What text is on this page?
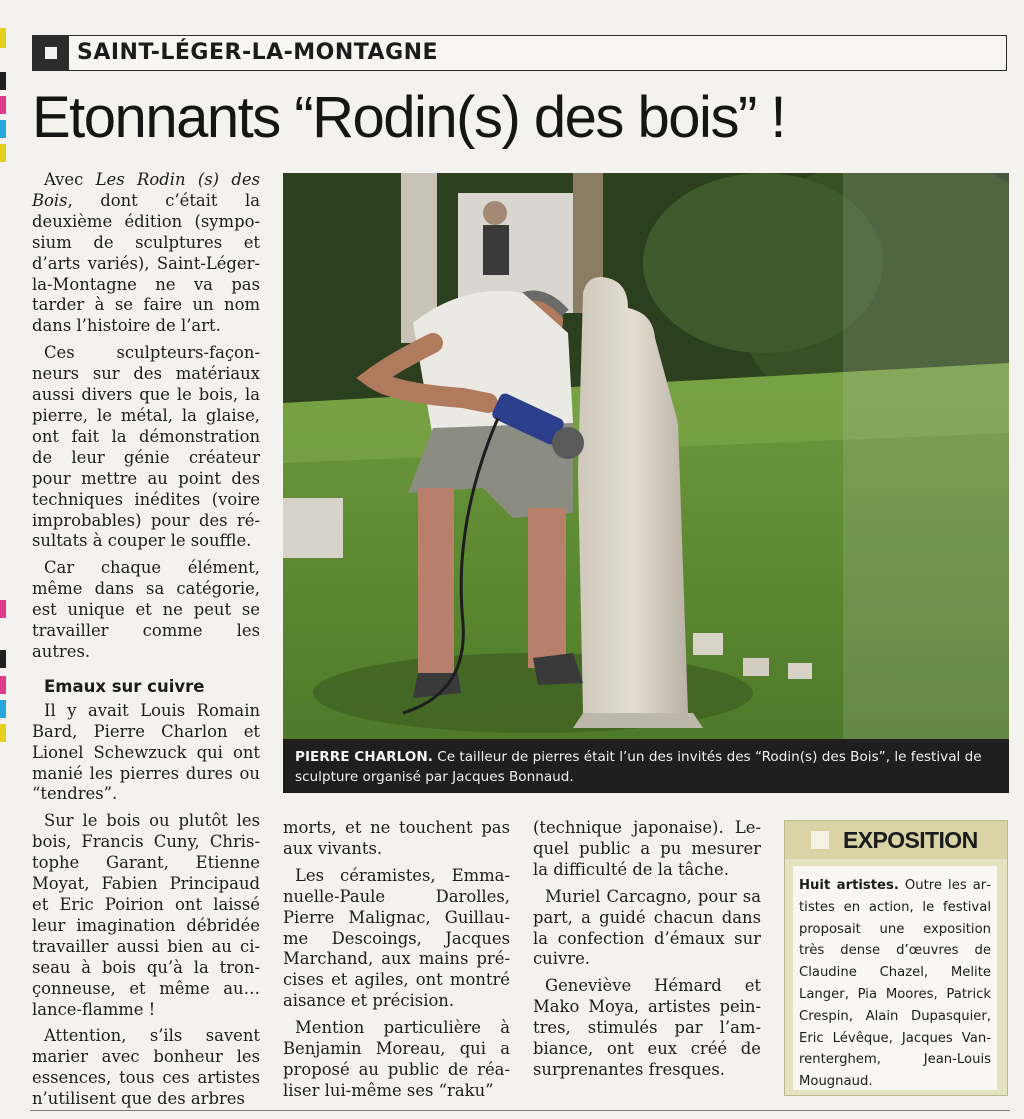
SAINT-LÉGER-LA-MONTAGNE
Etonnants “Rodin(s) des bois” !

Avec Les Rodin (s) des Bois, dont c’était la deuxième édition (symposium de sculptures et d’arts variés), Saint-Léger-la-Montagne ne va pas tarder à se faire un nom dans l’histoire de l’art.

Ces sculpteurs-façonneurs sur des matériaux aussi divers que le bois, la pierre, le métal, la glaise, ont fait la démonstration de leur génie créateur pour mettre au point des techniques inédites (voire improbables) pour des résultats à couper le souffle.

Car chaque élément, même dans sa catégorie, est unique et ne peut se travailler comme les autres.

Emaux sur cuivre

Il y avait Louis Romain Bard, Pierre Charlon et Lionel Schewzuck qui ont manié les pierres dures ou “tendres”.

Sur le bois ou plutôt les bois, Francis Cuny, Christophe Garant, Etienne Moyat, Fabien Principaud et Eric Poirion ont laissé leur imagination débridée travailler aussi bien au ciseau à bois qu’à la tronçonneuse, et même au… lance-flamme !

Attention, s’ils savent marier avec bonheur les essences, tous ces artistes n’utilisent que des arbres

PIERRE CHARLON. Ce tailleur de pierres était l’un des invités des “Rodin(s) des Bois”, le festival de sculpture organisé par Jacques Bonnaud.

morts, et ne touchent pas aux vivants.

Les céramistes, Emmanuelle-Paule Darolles, Pierre Malignac, Guillaume Descoings, Jacques Marchand, aux mains précises et agiles, ont montré aisance et précision.

Mention particulière à Benjamin Moreau, qui a proposé au public de réaliser lui-même ses “raku”

(technique japonaise). Lequel public a pu mesurer la difficulté de la tâche.

Muriel Carcagno, pour sa part, a guidé chacun dans la confection d’émaux sur cuivre.

Geneviève Hémard et Mako Moya, artistes peintres, stimulés par l’ambiance, ont eux créé de surprenantes fresques.

EXPOSITION
Huit artistes. Outre les artistes en action, le festival proposait une exposition très dense d’œuvres de Claudine Chazel, Melite Langer, Pia Moores, Patrick Crespin, Alain Dupasquier, Eric Lévêque, Jacques Vanrenterghem, Jean-Louis Mougnaud.
